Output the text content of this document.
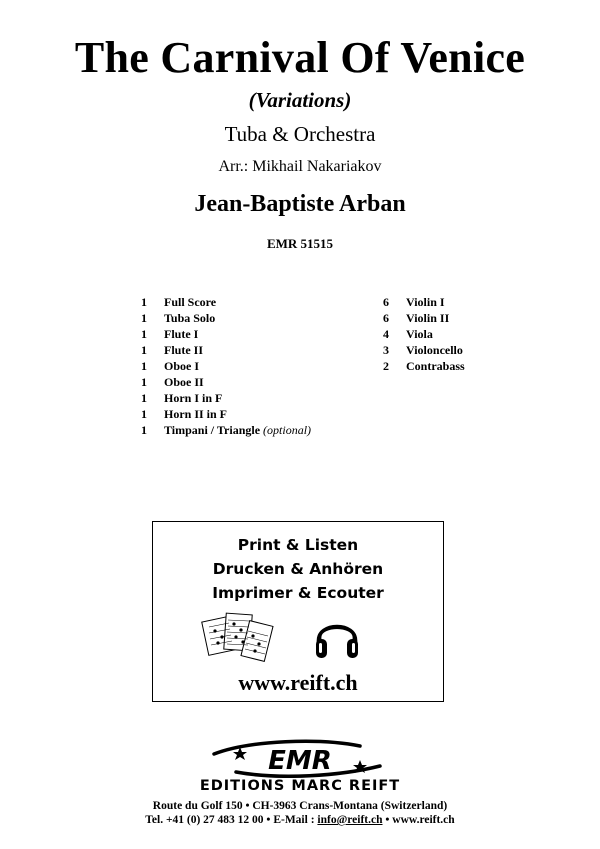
The Carnival Of Venice
(Variations)
Tuba & Orchestra
Arr.: Mikhail Nakariakov
Jean-Baptiste Arban
EMR 51515
1 Full Score
1 Tuba Solo
1 Flute I
1 Flute II
1 Oboe I
1 Oboe II
1 Horn I in F
1 Horn II in F
1 Timpani / Triangle (optional)
6 Violin I
6 Violin II
4 Viola
3 Violoncello
2 Contrabass
Print & Listen
Drucken & Anhören
Imprimer & Ecouter
www.reift.ch
EMR
EDITIONS MARC REIFT
Route du Golf 150 • CH-3963 Crans-Montana (Switzerland)
Tel. +41 (0) 27 483 12 00 • E-Mail : info@reift.ch • www.reift.ch
